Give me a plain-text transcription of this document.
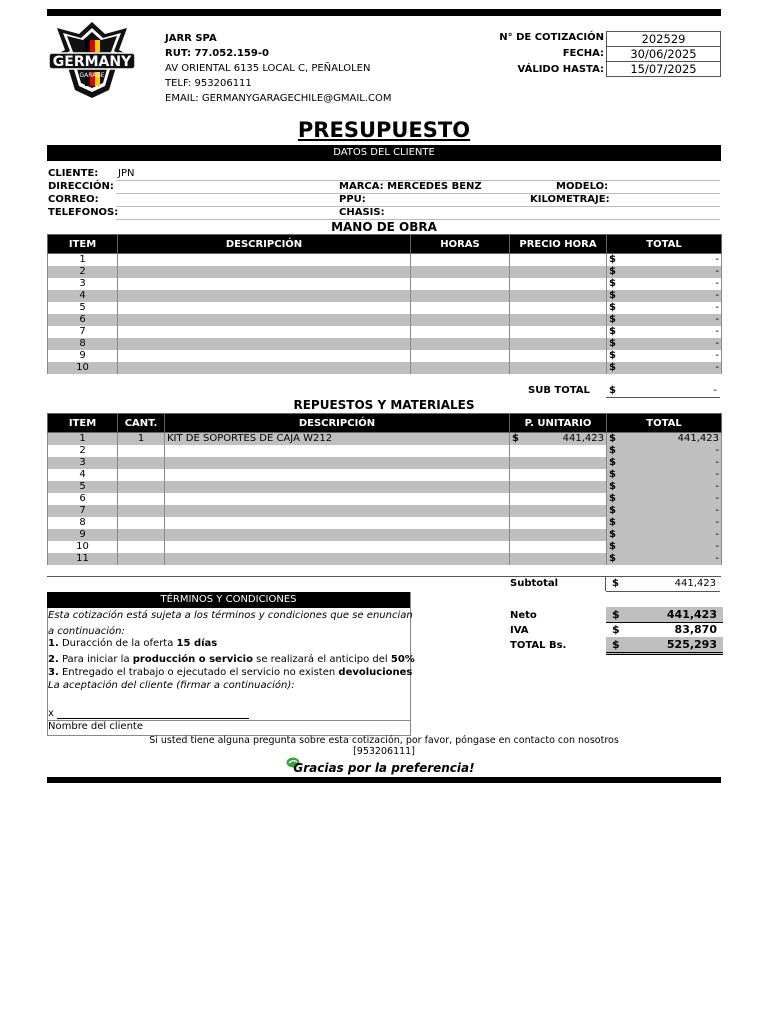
GERMANY
GARAGE
JARR SPA
RUT: 77.052.159-0
AV ORIENTAL 6135 LOCAL C, PEÑALOLEN
TELF: 953206111
EMAIL: GERMANYGARAGECHILE@GMAIL.COM
N° DE COTIZACIÓN	202529
FECHA:	30/06/2025
VÁLIDO HASTA:	15/07/2025
PRESUPUESTO
DATOS DEL CLIENTE
CLIENTE: JPN
DIRECCIÓN:	MARCA: MERCEDES BENZ	MODELO:
CORREO:	PPU:	KILOMETRAJE:
TELEFONOS:	CHASIS:
MANO DE OBRA
ITEM	DESCRIPCIÓN	HORAS	PRECIO HORA	TOTAL
1				$ -

2				$ -

3				$ -

4				$ -

5				$ -

6				$ -

7				$ -

8				$ -

9				$ -

10				$ -
SUB TOTAL $	-
REPUESTOS Y MATERIALES
ITEM	CANT.	DESCRIPCIÓN	P. UNITARIO	TOTAL
1	1	KIT DE SOPORTES DE CAJA W212	$ 441,423	$ 441,423

2				$ -

3				$ -

4				$ -

5				$ -

6				$ -

7				$ -

8				$ -

9				$ -

10				$ -

11				$ -
Subtotal	$	441,423
Neto	$	441,423
IVA	$	83,870
TOTAL Bs.	$	525,293
TÉRMINOS Y CONDICIONES
Esta cotización está sujeta a los términos y condiciones que se enuncian
a continuación:
1. Duracción de la oferta 15 días
2. Para iniciar la producción o servicio se realizará el anticipo del 50%
3. Entregado el trabajo o ejecutado el servicio no existen devoluciones
La aceptación del cliente (firmar a continuación):
x
Nombre del cliente
Si usted tiene alguna pregunta sobre esta cotización, por favor, póngase en contacto con nosotros
[953206111]
Gracias por la preferencia!
